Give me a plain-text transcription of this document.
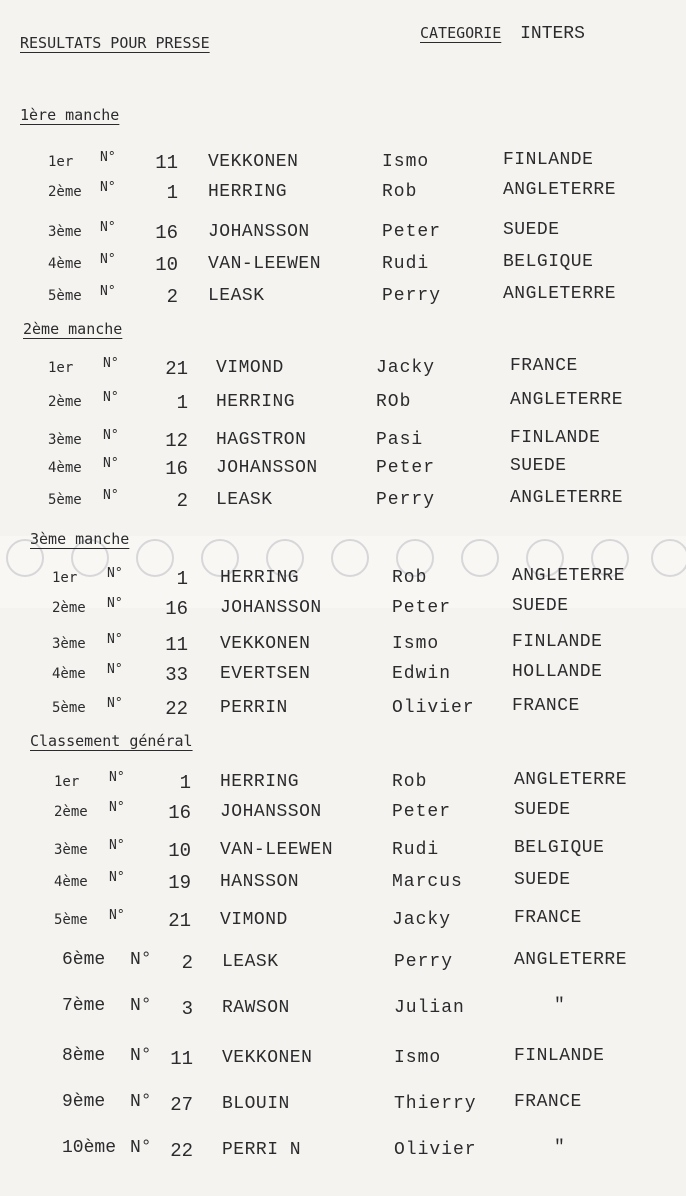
RESULTATS POUR PRESSE
CATEGORIE INTERS
1ère manche
1er N°	11 VEKKONEN	Ismo	FINLANDE
2ème N°	1 HERRING	Rob	ANGLETERRE
3ème N°	16 JOHANSSON	Peter	SUEDE
4ème N°	10 VAN-LEEWEN	Rudi	BELGIQUE
5ème N°	2 LEASK	Perry	ANGLETERRE
2ème manche
1er N°	21 VIMOND	Jacky	FRANCE
2ème N°	1 HERRING	ROb	ANGLETERRE
3ème N°	12 HAGSTRON	Pasi	FINLANDE
4ème N°	16 JOHANSSON	Peter	SUEDE
5ème N°	2 LEASK	Perry	ANGLETERRE
3ème manche
1er N°	1 HERRING	Rob	ANGLETERRE
2ème N°	16 JOHANSSON	Peter	SUEDE
3ème N°	11 VEKKONEN	Ismo	FINLANDE
4ème N°	33 EVERTSEN	Edwin	HOLLANDE
5ème N°	22 PERRIN	Olivier FRANCE
Classement général
1er N°	1 HERRING	Rob	ANGLETERRE
2ème N°	16 JOHANSSON	Peter	SUEDE
3ème N°	10 VAN-LEEWEN	Rudi	BELGIQUE
4ème N°	19 HANSSON	Marcus	SUEDE
5ème N°	21 VIMOND	Jacky	FRANCE
6ème N°	2 LEASK	Perry	ANGLETERRE
7ème N°	3 RAWSON	Julian	"
8ème N° 11 VEKKONEN	Ismo	FINLANDE
9ème N° 27 BLOUIN	Thierry FRANCE
10ème N° 22 PERRI N	Olivier	"
